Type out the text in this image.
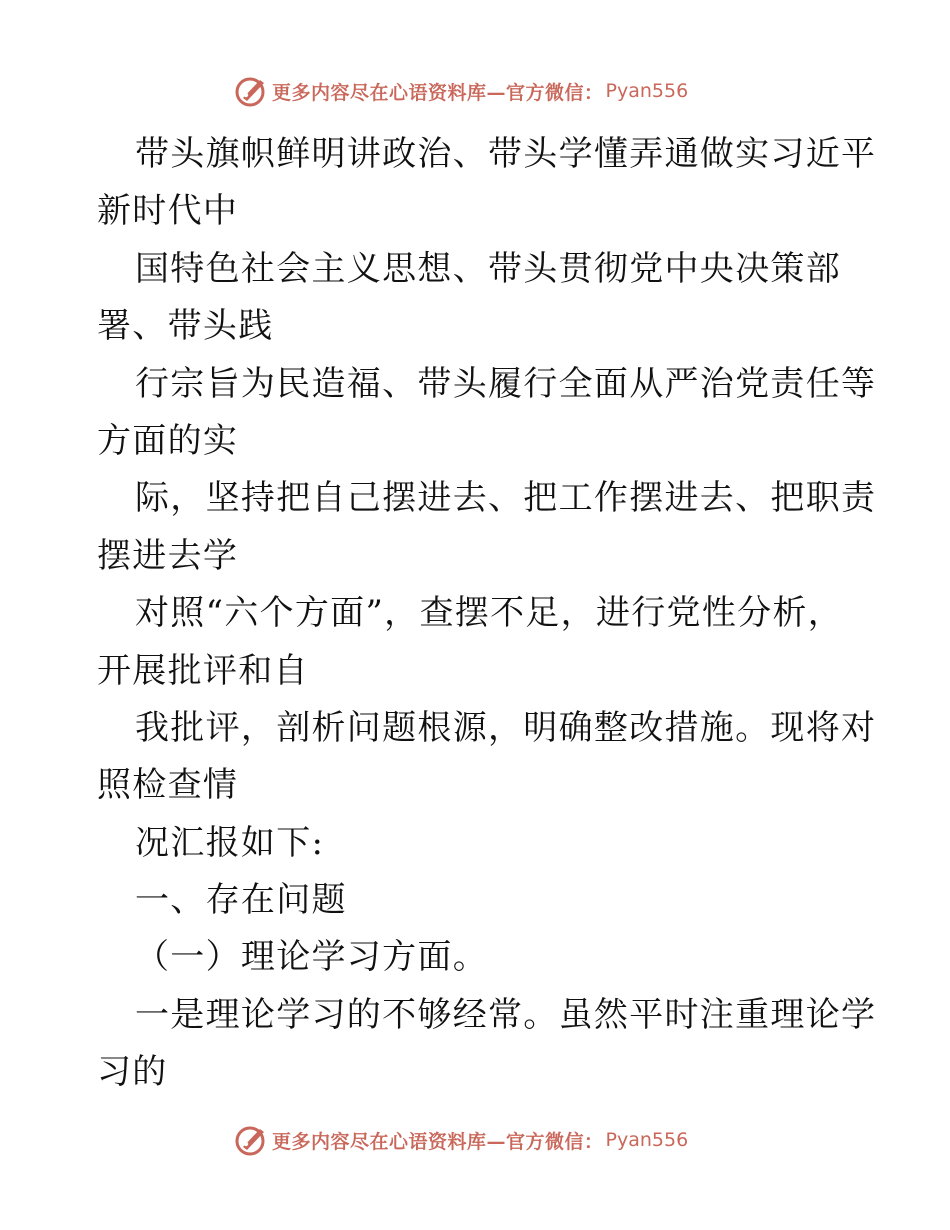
更多内容尽在心语资料库—官方微信： Pyan556
带头旗帜鲜明讲政治、带头学懂弄通做实习近平
新时代中
国特色社会主义思想、带头贯彻党中央决策部
署、带头践
行宗旨为民造福、带头履行全面从严治党责任等
方面的实
际，坚持把自己摆进去、把工作摆进去、把职责
摆进去学
对照“六个方面”，查摆不足，进行党性分析，
开展批评和自
我批评，剖析问题根源，明确整改措施。现将对
照检查情
况汇报如下:
一、存在问题
（一）理论学习方面。
一是理论学习的不够经常。虽然平时注重理论学
习的
更多内容尽在心语资料库—官方微信： Pyan556
